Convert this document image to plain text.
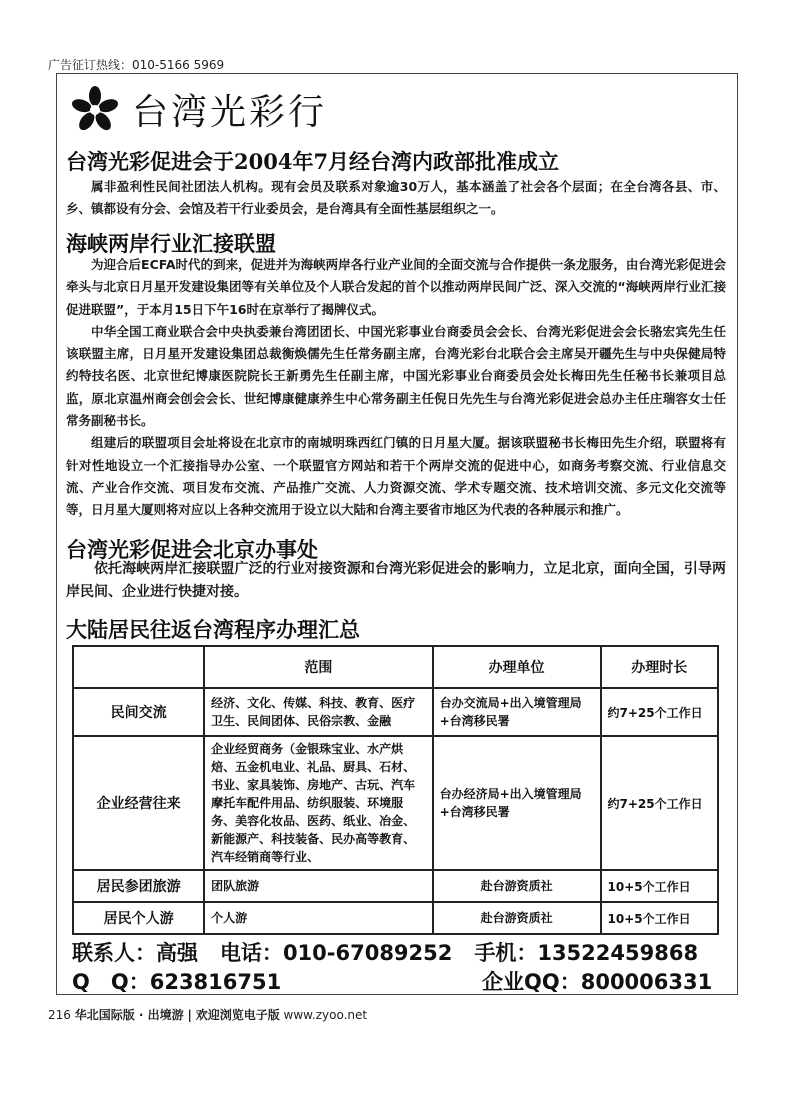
广告征订热线：010-5166 5969
台湾光彩行
台湾光彩促进会于2004年7月经台湾内政部批准成立

属非盈利性民间社团法人机构。现有会员及联系对象逾30万人，基本涵盖了社会各个层面；在全台湾各县、市、乡、镇都设有分会、会馆及若干行业委员会，是台湾具有全面性基层组织之一。

海峡两岸行业汇接联盟

为迎合后ECFA时代的到来，促进并为海峡两岸各行业产业间的全面交流与合作提供一条龙服务，由台湾光彩促进会牵头与北京日月星开发建设集团等有关单位及个人联合发起的首个以推动两岸民间广泛、深入交流的“海峡两岸行业汇接促进联盟”，于本月15日下午16时在京举行了揭牌仪式。

中华全国工商业联合会中央执委兼台湾团团长、中国光彩事业台商委员会会长、台湾光彩促进会会长骆宏宾先生任该联盟主席，日月星开发建设集团总裁衡焕儒先生任常务副主席，台湾光彩台北联合会主席吴开疆先生与中央保健局特约特技名医、北京世纪博康医院院长王新勇先生任副主席，中国光彩事业台商委员会处长梅田先生任秘书长兼项目总监，原北京温州商会创会会长、世纪博康健康养生中心常务副主任倪日先先生与台湾光彩促进会总办主任庄瑞容女士任常务副秘书长。

组建后的联盟项目会址将设在北京市的南城明珠西红门镇的日月星大厦。据该联盟秘书长梅田先生介绍，联盟将有针对性地设立一个汇接指导办公室、一个联盟官方网站和若干个两岸交流的促进中心，如商务考察交流、行业信息交流、产业合作交流、项目发布交流、产品推广交流、人力资源交流、学术专题交流、技术培训交流、多元文化交流等等，日月星大厦则将对应以上各种交流用于设立以大陆和台湾主要省市地区为代表的各种展示和推广。

台湾光彩促进会北京办事处

依托海峡两岸汇接联盟广泛的行业对接资源和台湾光彩促进会的影响力，立足北京，面向全国，引导两岸民间、企业进行快捷对接。

大陆居民往返台湾程序办理汇总
	范围	办理单位	办理时长
民间交流	经济、文化、传媒、科技、教育、医疗卫生、民间团体、民俗宗教、金融	台办交流局+出入境管理局+台湾移民署	约7+25个工作日
企业经营往来	企业经贸商务（金银珠宝业、水产烘焙、五金机电业、礼品、厨具、石材、书业、家具装饰、房地产、古玩、汽车摩托车配件用品、纺织服装、环境服务、美容化妆品、医药、纸业、冶金、新能源产、科技装备、民办高等教育、汽车经销商等行业、	台办经济局+出入境管理局+台湾移民署	约7+25个工作日
居民参团旅游	团队旅游	赴台游资质社	10+5个工作日
居民个人游	个人游	赴台游资质社	10+5个工作日
联系人：高强 电话：010-67089252 手机：13522459868
Q　Q：623816751	企业QQ：800006331
216 华北国际版 · 出境游 | 欢迎浏览电子版 www.zyoo.net
